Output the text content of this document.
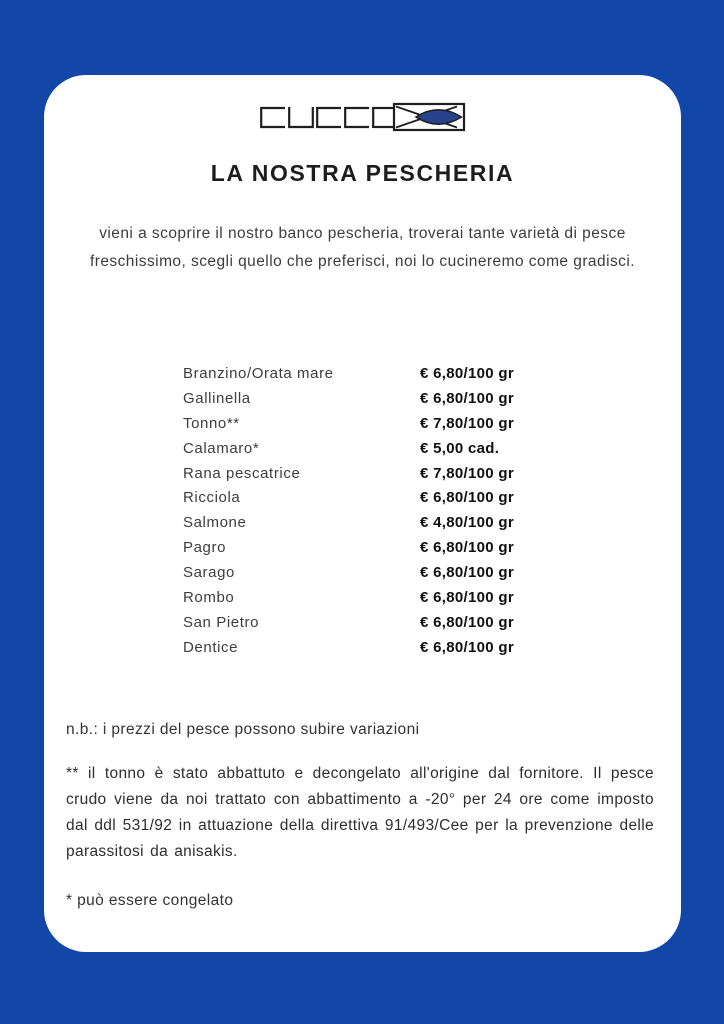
LA NOSTRA PESCHERIA

vieni a scoprire il nostro banco pescheria, troverai tante varietà di pesce freschissimo, scegli quello che preferisci, noi lo cucineremo come gradisci.

Branzino/Orata mare	€ 6,80/100 gr
Gallinella	€ 6,80/100 gr
Tonno**	€ 7,80/100 gr
Calamaro*	€ 5,00 cad.
Rana pescatrice	€ 7,80/100 gr
Ricciola	€ 6,80/100 gr
Salmone	€ 4,80/100 gr
Pagro	€ 6,80/100 gr
Sarago	€ 6,80/100 gr
Rombo	€ 6,80/100 gr
San Pietro	€ 6,80/100 gr
Dentice	€ 6,80/100 gr

n.b.: i prezzi del pesce possono subire variazioni

** il tonno è stato abbattuto e decongelato all'origine dal fornitore. Il pesce crudo viene da noi trattato con abbattimento a -20° per 24 ore come imposto dal ddl 531/92 in attuazione della direttiva 91/493/Cee per la prevenzione delle parassitosi da anisakis.

* può essere congelato
